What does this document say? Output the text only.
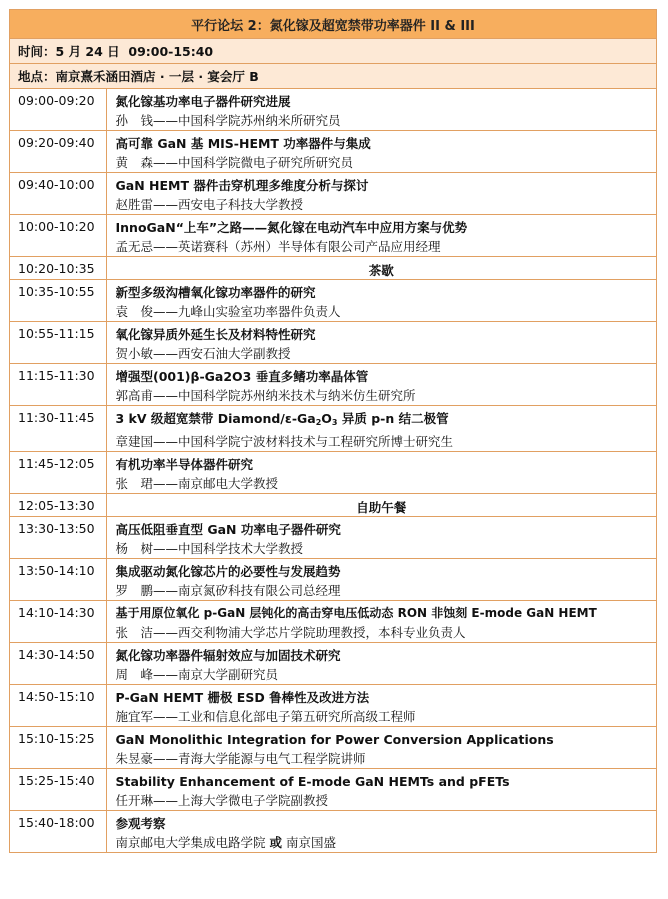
平行论坛 2：氮化镓及超宽禁带功率器件 II & III
时间： 5 月 24 日  09:00-15:40
地点： 南京熹禾涵田酒店 · 一层 · 宴会厅 B
09:00-09:20	氮化镓基功率电子器件研究进展
孙　钱——中国科学院苏州纳米所研究员

09:20-09:40	高可靠 GaN 基 MIS-HEMT 功率器件与集成
黄　森——中国科学院微电子研究所研究员

09:40-10:00	GaN HEMT 器件击穿机理多维度分析与探讨
赵胜雷——西安电子科技大学教授

10:00-10:20	InnoGaN“上车”之路——氮化镓在电动汽车中应用方案与优势
孟无忌——英诺赛科（苏州）半导体有限公司产品应用经理

10:20-10:35	茶歇
10:35-10:55	新型多级沟槽氧化镓功率器件的研究
袁　俊——九峰山实验室功率器件负责人

10:55-11:15	氧化镓异质外延生长及材料特性研究
贺小敏——西安石油大学副教授

11:15-11:30	增强型(001)β-Ga2O3 垂直多鳍功率晶体管
郭高甫——中国科学院苏州纳米技术与纳米仿生研究所

11:30-11:45	3 kV 级超宽禁带 Diamond/$\varepsilon-Ga_2O_3$ 异质 p-n 结二极管
章建国——中国科学院宁波材料技术与工程研究所博士研究生

11:45-12:05	有机功率半导体器件研究
张　珺——南京邮电大学教授

12:05-13:30	自助午餐
13:30-13:50	高压低阻垂直型 GaN 功率电子器件研究
杨　树——中国科学技术大学教授

13:50-14:10	集成驱动氮化镓芯片的必要性与发展趋势
罗　鹏——南京氮矽科技有限公司总经理

14:10-14:30	基于用原位氧化 p-GaN 层钝化的高击穿电压低动态 RON 非蚀刻 E-mode GaN HEMT
张　洁——西交利物浦大学芯片学院助理教授，本科专业负责人

14:30-14:50	氮化镓功率器件辐射效应与加固技术研究
周　峰——南京大学副研究员

14:50-15:10	P-GaN HEMT 栅极 ESD 鲁棒性及改进方法
施宜军——工业和信息化部电子第五研究所高级工程师

15:10-15:25	GaN Monolithic Integration for Power Conversion Applications
朱昱豪——青海大学能源与电气工程学院讲师

15:25-15:40	Stability Enhancement of E-mode GaN HEMTs and pFETs
任开琳——上海大学微电子学院副教授

15:40-18:00	参观考察
南京邮电大学集成电路学院 或 南京国盛
